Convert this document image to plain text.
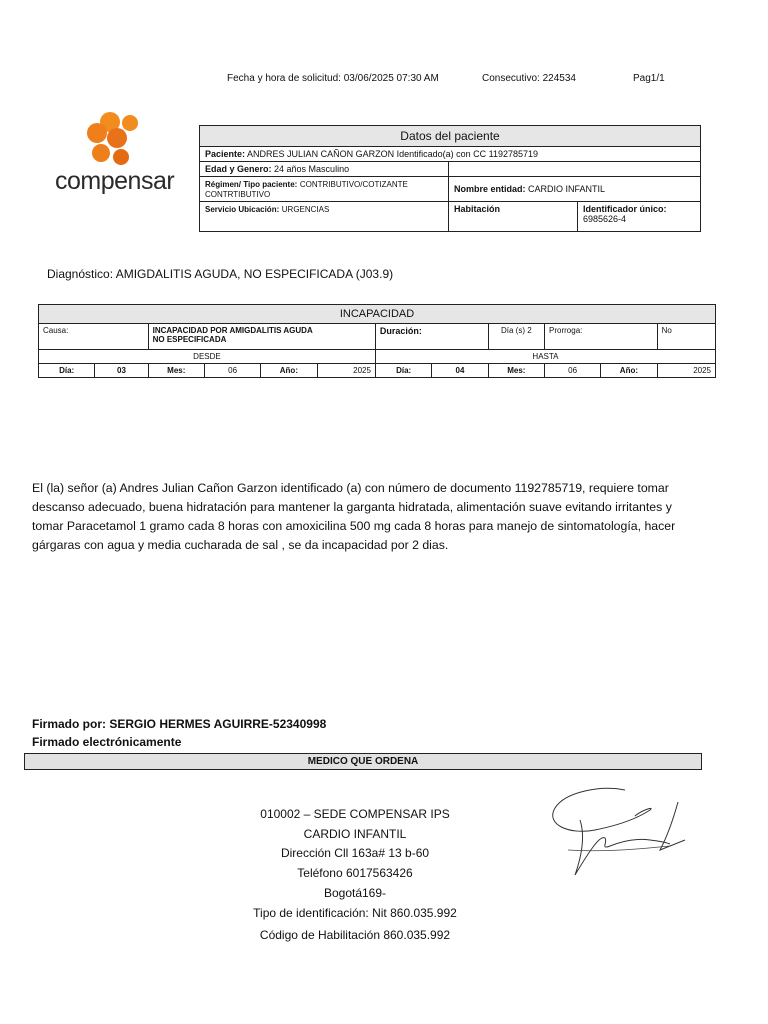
Fecha y hora de solicitud: 03/06/2025 07:30 AM	Consecutivo: 224534	Pag1/1
compensar
Datos del paciente		
Paciente: ANDRES JULIAN CAÑON GARZON Identificado(a) con CC 1192785719		
Edad y Genero: 24 años Masculino		
Régimen/ Tipo paciente: CONTRIBUTIVO/COTIZANTE
CONTRTIBUTIVO	Nombre entidad: CARDIO INFANTIL	
Servicio Ubicación: URGENCIAS	Habitación	Identificador único:
6985626-4
Diagnóstico: AMIGDALITIS AGUDA, NO ESPECIFICADA (J03.9)
INCAPACIDAD											
Causa:		INCAPACIDAD POR AMIGDALITIS AGUDA
NO ESPECIFICADA				Duración:		Día (s) 2	Prorroga:		No
DESDE						HASTA					
Día:	03	Mes:	06	Año:	2025	Día:	04	Mes:	06	Año:	2025
El (la) señor (a) Andres Julian Cañon Garzon identificado (a) con número de documento 1192785719, requiere tomar descanso adecuado, buena hidratación para mantener la garganta hidratada, alimentación suave evitando irritantes y tomar Paracetamol 1 gramo cada 8 horas con amoxicilina 500 mg cada 8 horas para manejo de sintomatología, hacer gárgaras con agua y media cucharada de sal , se da incapacidad por 2 dias.
Firmado por: SERGIO HERMES AGUIRRE-52340998
Firmado electrónicamente
MEDICO QUE ORDENA
010002 – SEDE COMPENSAR IPS
CARDIO INFANTIL
Dirección Cll 163a# 13 b-60
Teléfono 6017563426
Bogotá169-
Tipo de identificación: Nit 860.035.992
Código de Habilitación 860.035.992
